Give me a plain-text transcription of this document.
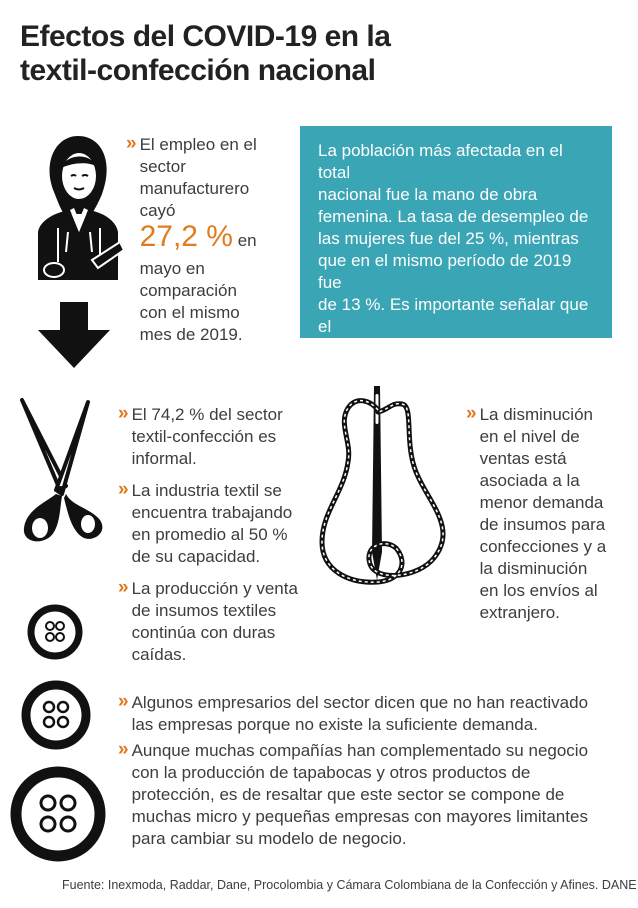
Efectos del COVID-19 en la
textil-confección nacional
» El empleo en el
sector
manufacturero
cayó
27,2 % en
mayo en
comparación
con el mismo
mes de 2019.
La población más afectada en el total
nacional fue la mano de obra
femenina. La tasa de desempleo de
las mujeres fue del 25 %, mientras
que en el mismo período de 2019 fue
de 13 %. Es importante señalar que el
sector textil cuenta con un alto
porcentaje de ocupación femenina.
» El 74,2 % del sector
textil-confección es
informal.
» La industria textil se
encuentra trabajando
en promedio al 50 %
de su capacidad.
» La producción y venta
de insumos textiles
continúa con duras
caídas.
» La disminución
en el nivel de
ventas está
asociada a la
menor demanda
de insumos para
confecciones y a
la disminución
en los envíos al
extranjero.
» Algunos empresarios del sector dicen que no han reactivado
las empresas porque no existe la suficiente demanda.
» Aunque muchas compañías han complementado su negocio
con la producción de tapabocas y otros productos de
protección, es de resaltar que este sector se compone de
muchas micro y pequeñas empresas con mayores limitantes
para cambiar su modelo de negocio.
Fuente: Inexmoda, Raddar, Dane, Procolombia y Cámara Colombiana de la Confección y Afines. DANE
